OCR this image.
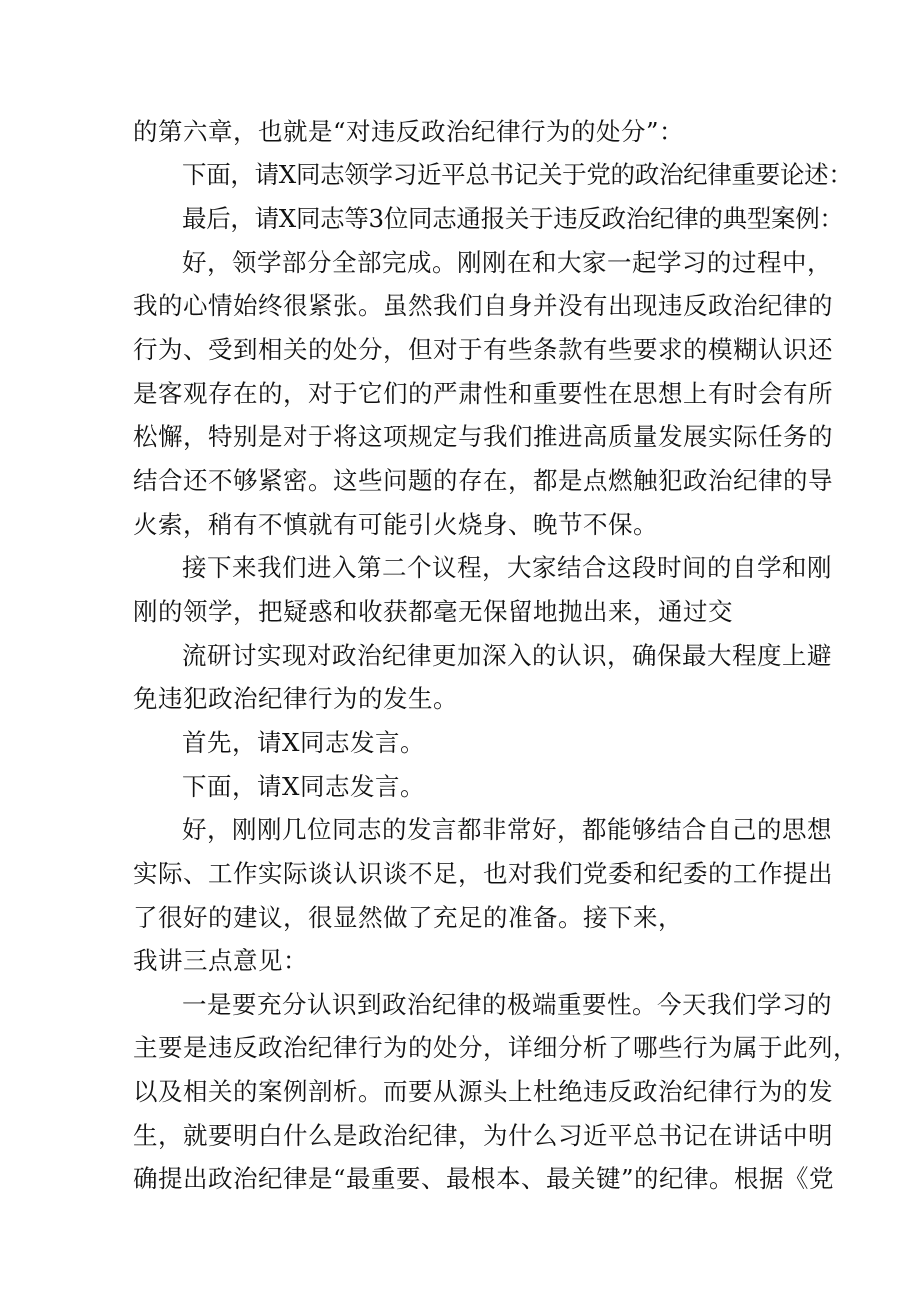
的第六章，也就是“对违反政治纪律行为的处分”：

下面，请X同志领学习近平总书记关于党的政治纪律重要论述：

最后，请X同志等3位同志通报关于违反政治纪律的典型案例：

好，领学部分全部完成。刚刚在和大家一起学习的过程中，

我的心情始终很紧张。虽然我们自身并没有出现违反政治纪律的

行为、受到相关的处分，但对于有些条款有些要求的模糊认识还

是客观存在的，对于它们的严肃性和重要性在思想上有时会有所

松懈，特别是对于将这项规定与我们推进高质量发展实际任务的

结合还不够紧密。这些问题的存在，都是点燃触犯政治纪律的导

火索，稍有不慎就有可能引火烧身、晚节不保。

接下来我们进入第二个议程，大家结合这段时间的自学和刚

刚的领学，把疑惑和收获都毫无保留地抛出来，通过交

流研讨实现对政治纪律更加深入的认识，确保最大程度上避

免违犯政治纪律行为的发生。

首先，请X同志发言。

下面，请X同志发言。

好，刚刚几位同志的发言都非常好，都能够结合自己的思想

实际、工作实际谈认识谈不足，也对我们党委和纪委的工作提出

了很好的建议，很显然做了充足的准备。接下来，

我讲三点意见：

一是要充分认识到政治纪律的极端重要性。今天我们学习的

主要是违反政治纪律行为的处分，详细分析了哪些行为属于此列，

以及相关的案例剖析。而要从源头上杜绝违反政治纪律行为的发

生，就要明白什么是政治纪律，为什么习近平总书记在讲话中明

确提出政治纪律是“最重要、最根本、最关键”的纪律。根据《党
